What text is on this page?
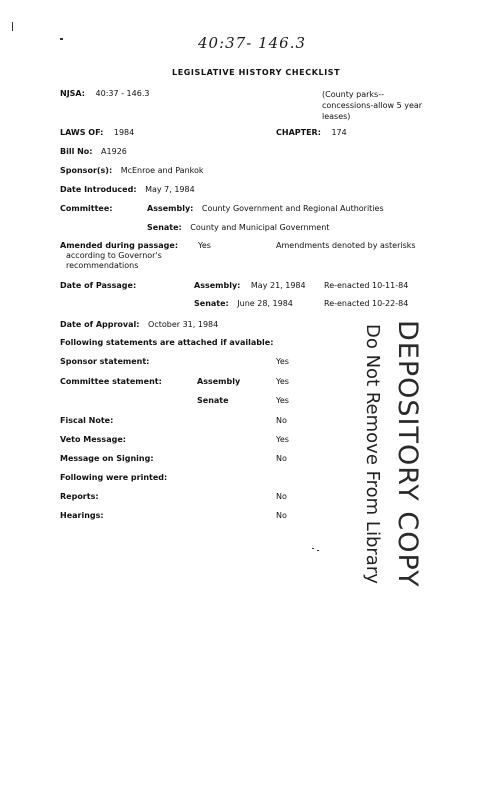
40:37- 146.3
LEGISLATIVE HISTORY CHECKLIST
NJSA: 40:37 - 146.3	(County parks--
concessions-allow 5 year
leases)
LAWS OF: 1984	CHAPTER: 174
Bill No: A1926
Sponsor(s): McEnroe and Pankok
Date Introduced: May 7, 1984
Committee:	Assembly: County Government and Regional Authorities
Senate: County and Municipal Government
Amended during passage:
according to Governor's
recommendations
Yes	Amendments denoted by asterisks
Date of Passage:	Assembly: May 21, 1984 Re-enacted 10-11-84
Senate: June 28, 1984	Re-enacted 10-22-84
Date of Approval: October 31, 1984
Following statements are attached if available:
Sponsor statement:	Yes
Committee statement:	Assembly	Yes
Senate	Yes
Fiscal Note:	No
Veto Message:	Yes
Message on Signing:	No
Following were printed:
Reports:	No
Hearings:	No	DEPOSITORY COPY
Do Not Remove From Library
